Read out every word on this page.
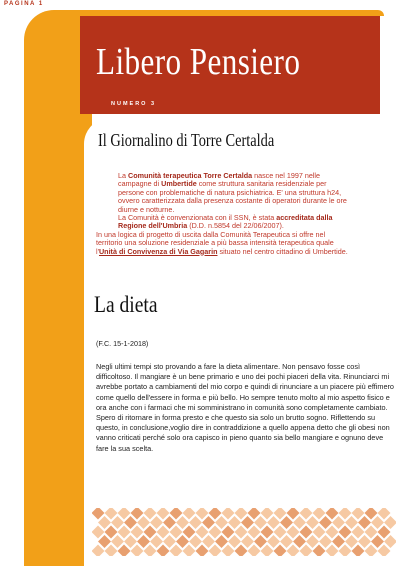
PAGINA 1
Libero Pensiero
NUMERO 3
Il Giornalino di Torre Certalda

La Comunità terapeutica Torre Certalda nasce nel 1997 nelle campagne di Umbertide come struttura sanitaria residenziale per persone con problematiche di natura psichiatrica. E' una struttura h24, ovvero caratterizzata dalla presenza costante di operatori durante le ore diurne e notturne.

La Comunità è convenzionata con il SSN, è stata accreditata dalla Regione dell'Umbria (D.D. n.5854 del 22/06/2007).

In una logica di progetto di uscita dalla Comunità Terapeutica si offre nel territorio una soluzione residenziale a più bassa intensità terapeutica quale l'Unità di Convivenza di Via Gagarin situato nel centro cittadino di Umbertide.

La dieta
(F.C. 15-1-2018)
Negli ultimi tempi sto provando a fare la dieta alimentare. Non pensavo fosse così difficoltoso. Il mangiare è un bene primario e uno dei pochi piaceri della vita. Rinunciarci mi avrebbe portato a cambiamenti del mio corpo e quindi di rinunciare a un piacere più effimero come quello dell'essere in forma e più bello. Ho sempre tenuto molto al mio aspetto fisico e ora anche con i farmaci che mi somministrano in comunità sono completamente cambiato. Spero di ritornare in forma presto e che questo sia solo un brutto sogno. Riflettendo su questo, in conclusione,voglio dire in contraddizione a quello appena detto che gli obesi non vanno criticati perché solo ora capisco in pieno quanto sia bello mangiare e ognuno deve fare la sua scelta.
